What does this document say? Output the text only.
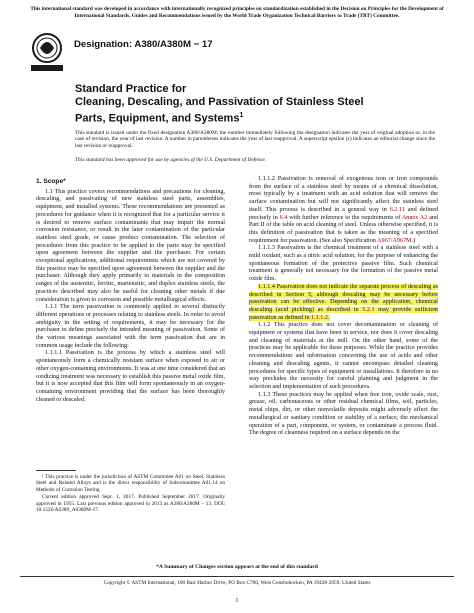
This international standard was developed in accordance with internationally recognized principles on standardization established in the Decision on Principles for the Development of International Standards, Guides and Recommendations issued by the World Trade Organization Technical Barriers to Trade (TBT) Committee.
Designation: A380/A380M − 17
Standard Practice for
Cleaning, Descaling, and Passivation of Stainless Steel
Parts, Equipment, and Systems$^1$
This standard is issued under the fixed designation A380/A380M; the number immediately following the designation indicates the year of original adoption or, in the case of revision, the year of last revision. A number in parentheses indicates the year of last reapproval. A superscript epsilon (ε) indicates an editorial change since the last revision or reapproval.
This standard has been approved for use by agencies of the U.S. Department of Defense.
1. Scope*

1.1 This practice covers recommendations and precautions for cleaning, descaling, and passivating of new stainless steel parts, assemblies, equipment, and installed systems. These recommendations are presented as procedures for guidance when it is recognized that for a particular service it is desired to remove surface contaminants that may impair the normal corrosion resistance, or result in the later contamination of the particular stainless steel grade, or cause product contamination. The selection of procedures from this practice to be applied to the parts may be specified upon agreement between the supplier and the purchaser. For certain exceptional applications, additional requirements which are not covered by this practice may be specified upon agreement between the supplier and the purchaser. Although they apply primarily to materials in the composition ranges of the austenitic, ferritic, martensitic, and duplex stainless steels, the practices described may also be useful for cleaning other metals if due consideration is given to corrosion and possible metallurgical effects.

1.1.1 The term passivation is commonly applied to several distinctly different operations or processes relating to stainless steels. In order to avoid ambiguity in the setting of requirements, it may be necessary for the purchaser to define precisely the intended meaning of passivation. Some of the various meanings associated with the term passivation that are in common usage include the following:

1.1.1.1 Passivation is the process by which a stainless steel will spontaneously form a chemically resistant surface when exposed to air or other oxygen-containing environments. It was at one time considered that an oxidizing treatment was necessary to establish this passive metal oxide film, but it is now accepted that this film will form spontaneously in an oxygen-containing environment providing that the surface has been thoroughly cleaned or descaled.

¹ This practice is under the jurisdiction of ASTM Committee A01 on Steel, Stainless Steel and Related Alloys and is the direct responsibility of Subcommittee A01.14 on Methods of Corrosion Testing.

Current edition approved Sept. 1, 2017. Published September 2017. Originally approved in 1955. Last previous edition approved in 2013 as A380/A380M – 13. DOI: 10.1520/A0380_A0380M-17.

1.1.1.2 Passivation is removal of exogenous iron or iron compounds from the surface of a stainless steel by means of a chemical dissolution, most typically by a treatment with an acid solution that will remove the surface contamination but will not significantly affect the stainless steel itself. This process is described in a general way in 6.2.11 and defined precisely in 6.4 with further reference to the requirements of Annex A2 and Part II of the table on acid cleaning of steel. Unless otherwise specified, it is this definition of passivation that is taken as the meaning of a specified requirement for passivation. (See also Specification A967/A967M.)

1.1.1.3 Passivation is the chemical treatment of a stainless steel with a mild oxidant, such as a nitric acid solution, for the purpose of enhancing the spontaneous formation of the protective passive film. Such chemical treatment is generally not necessary for the formation of the passive metal oxide film.

1.1.1.4 Passivation does not indicate the separate process of descaling as described in Section 5, although descaling may be necessary before passivation can be effective. Depending on the application, chemical descaling (acid pickling) as described in 5.2.1 may provide sufficient passivation as defined in 1.1.1.2.

1.1.2 This practice does not cover decontamination or cleaning of equipment or systems that have been in service, nor does it cover descaling and cleaning of materials at the mill. On the other hand, some of the practices may be applicable for these purposes. While the practice provides recommendations and information concerning the use of acids and other cleaning and descaling agents, it cannot encompass detailed cleaning procedures for specific types of equipment or installations. It therefore in no way precludes the necessity for careful planning and judgment in the selection and implementation of such procedures.

1.1.3 These practices may be applied when free iron, oxide scale, rust, grease, oil, carbonaceous or other residual chemical films, soil, particles, metal chips, dirt, or other nonvolatile deposits might adversely affect the metallurgical or sanitary condition or stability of a surface, the mechanical operation of a part, component, or system, or contaminate a process fluid. The degree of cleanness required on a surface depends on the

*A Summary of Changes section appears at the end of this standard
Copyright © ASTM International, 100 Barr Harbor Drive, PO Box C700, West Conshohocken, PA 19428-2959. United States
1
